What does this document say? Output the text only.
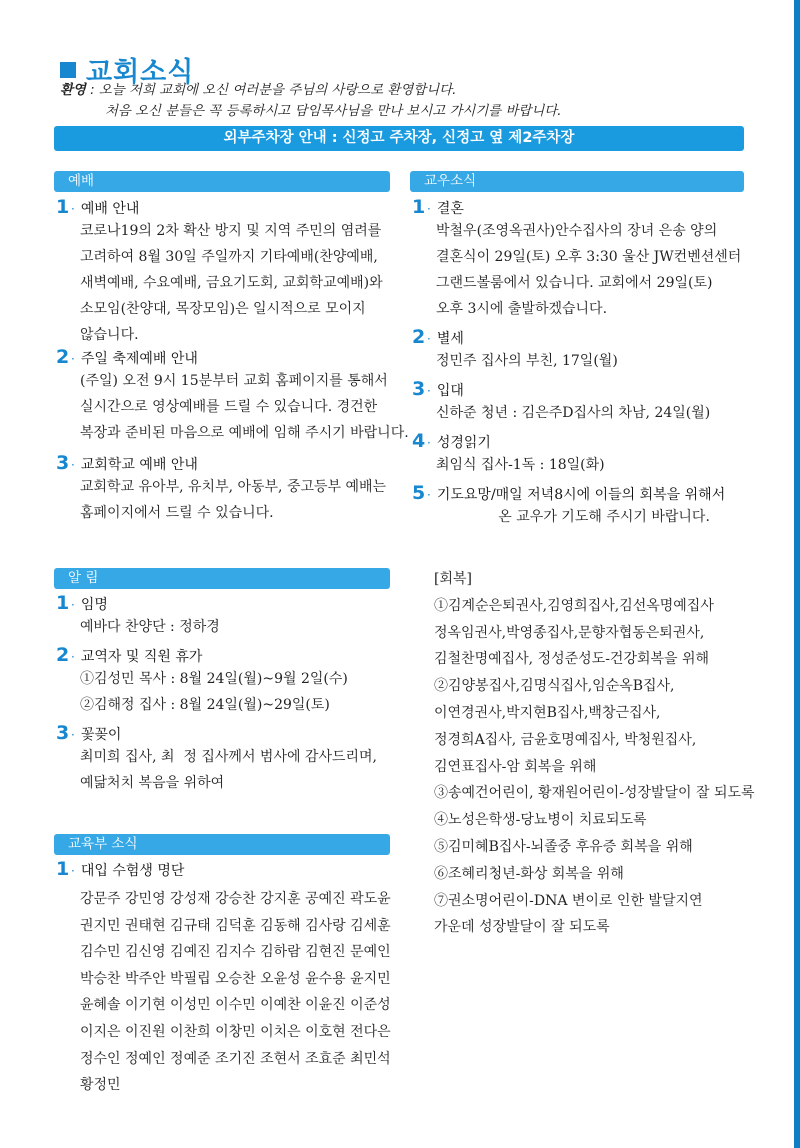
교회소식
환영 : 오늘 저희 교회에 오신 여러분을 주님의 사랑으로 환영합니다.
처음 오신 분들은 꼭 등록하시고 담임목사님을 만나 보시고 가시기를 바랍니다.
외부주차장 안내 : 신정고 주차장, 신정고 옆 제2주차장
예배
1 · 예배 안내
코로나19의 2차 확산 방지 및 지역 주민의 염려를
고려하여 8월 30일 주일까지 기타예배(찬양예배,
새벽예배, 수요예배, 금요기도회, 교회학교예배)와
소모임(찬양대, 목장모임)은 일시적으로 모이지
않습니다.
2 · 주일 축제예배 안내
(주일) 오전 9시 15분부터 교회 홈페이지를 통해서
실시간으로 영상예배를 드릴 수 있습니다. 경건한
복장과 준비된 마음으로 예배에 임해 주시기 바랍니다.
3 · 교회학교 예배 안내
교회학교 유아부, 유치부, 아동부, 중고등부 예배는
홈페이지에서 드릴 수 있습니다.
교우소식
1 · 결혼
박철우(조영옥권사)안수집사의 장녀 은송 양의
결혼식이 29일(토) 오후 3:30 울산 JW컨벤션센터
그랜드볼룸에서 있습니다. 교회에서 29일(토)
오후 3시에 출발하겠습니다.
2 · 별세
정민주 집사의 부친, 17일(월)
3 · 입대
신하준 청년 : 김은주D집사의 차남, 24일(월)
4 · 성경읽기
최임식 집사-1독 : 18일(화)
5 · 기도요망 /매일 저녁8시에 이들의 회복을 위해서
온 교우가 기도해 주시기 바랍니다.
알 림
1 · 임명
예바다 찬양단 : 정하경
2 · 교역자 및 직원 휴가
①김성민 목사 : 8월 24일(월)~9월 2일(수)
②김해정 집사 : 8월 24일(월)~29일(토)
3 · 꽃꽂이
최미희 집사, 최  정 집사께서 범사에 감사드리며,
예닮처치 복음을 위하여
[회복]
①김계순은퇴권사,김영희집사,김선옥명예집사
정옥임권사,박영종집사,문향자협동은퇴권사,
김철찬명예집사, 정성준성도-건강회복을 위해
②김양봉집사,김명식집사,임순옥B집사,
이연경권사,박지현B집사,백창근집사,
정경희A집사, 금윤호명예집사, 박청원집사,
김연표집사-암 회복을 위해
③송예건어린이, 황재원어린이-성장발달이 잘 되도록
④노성은학생-당뇨병이 치료되도록
⑤김미혜B집사-뇌졸중 후유증 회복을 위해
⑥조혜리청년-화상 회복을 위해
⑦권소명어린이-DNA 변이로 인한 발달지연
가운데 성장발달이 잘 되도록
교육부 소식
1 · 대입 수험생 명단
강문주 강민영 강성재 강승찬 강지훈 공예진 곽도윤
권지민 권태현 김규태 김덕훈 김동해 김사랑 김세훈
김수민 김신영 김예진 김지수 김하람 김현진 문예인
박승찬 박주안 박필립 오승찬 오윤성 윤수용 윤지민
윤혜솔 이기현 이성민 이수민 이예찬 이윤진 이준성
이지은 이진원 이찬희 이창민 이치은 이호현 전다은
정수인 정예인 정예준 조기진 조현서 조효준 최민석
황정민
